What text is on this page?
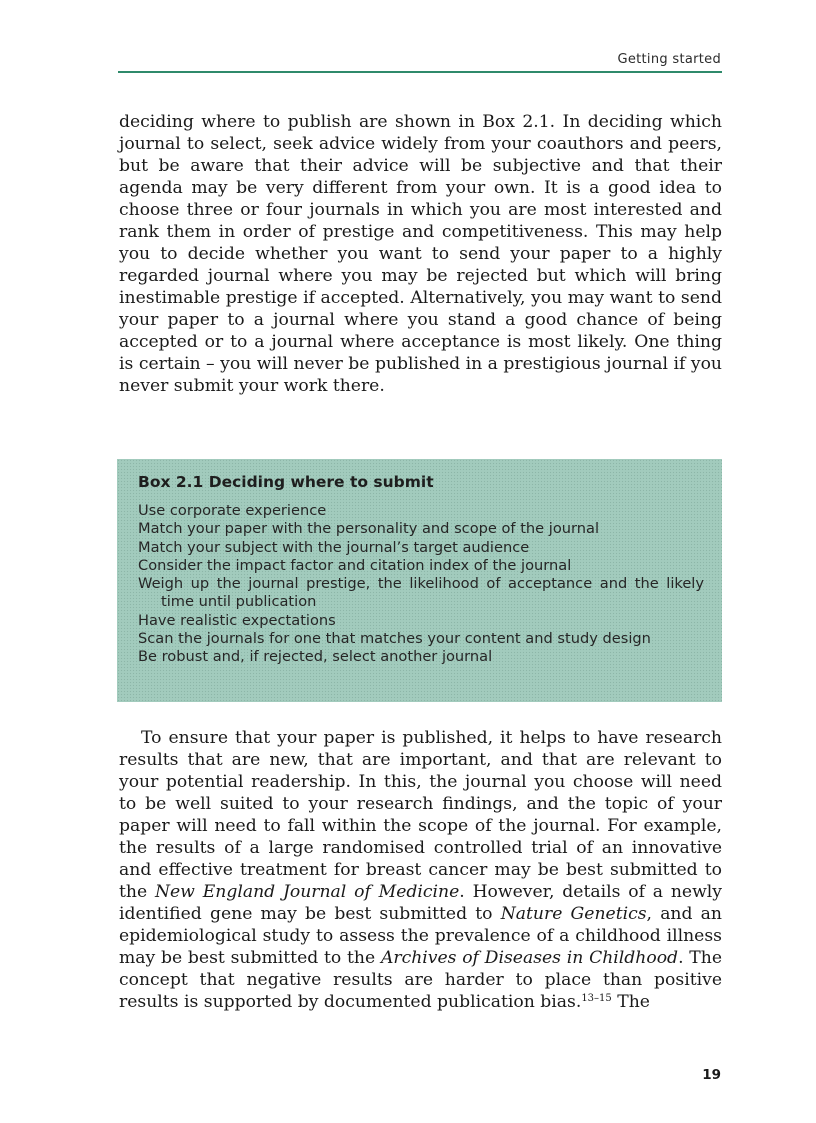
Getting started

deciding where to publish are shown in Box 2.1. In deciding which journal to select, seek advice widely from your coauthors and peers, but be aware that their advice will be subjective and that their agenda may be very different from your own. It is a good idea to choose three or four journals in which you are most interested and rank them in order of prestige and competitiveness. This may help you to decide whether you want to send your paper to a highly regarded journal where you may be rejected but which will bring inestimable prestige if accepted. Alternatively, you may want to send your paper to a journal where you stand a good chance of being accepted or to a journal where acceptance is most likely. One thing is certain – you will never be published in a prestigious journal if you never submit your work there.

Box 2.1 Deciding where to submit
Use corporate experience
Match your paper with the personality and scope of the journal
Match your subject with the journal’s target audience
Consider the impact factor and citation index of the journal
Weigh up the journal prestige, the likelihood of acceptance and the likely time until publication
Have realistic expectations
Scan the journals for one that matches your content and study design
Be robust and, if rejected, select another journal

To ensure that your paper is published, it helps to have research results that are new, that are important, and that are relevant to your potential readership. In this, the journal you choose will need to be well suited to your research findings, and the topic of your paper will need to fall within the scope of the journal. For example, the results of a large randomised controlled trial of an innovative and effective treatment for breast cancer may be best submitted to the New England Journal of Medicine. However, details of a newly identified gene may be best submitted to Nature Genetics, and an epidemiological study to assess the prevalence of a childhood illness may be best submitted to the Archives of Diseases in Childhood. The concept that negative results are harder to place than positive results is supported by documented publication bias.$^{13-15}$ The

19
